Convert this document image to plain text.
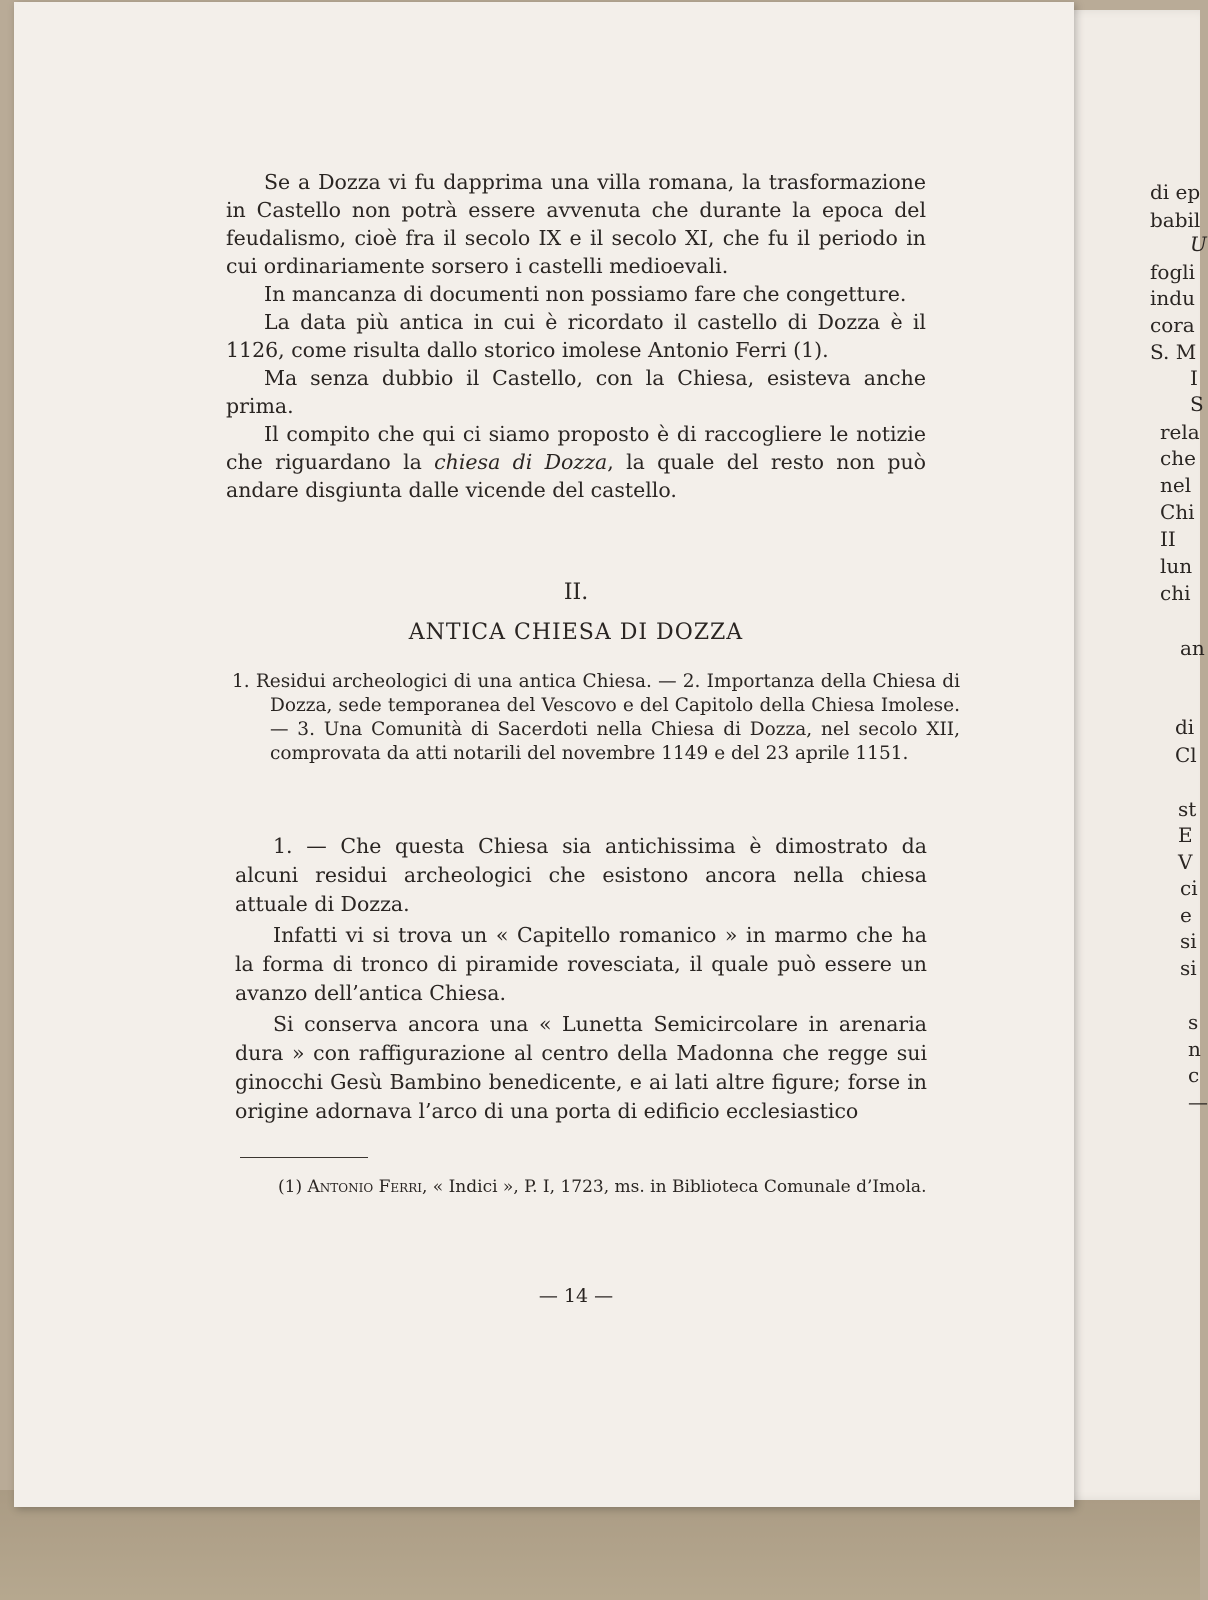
di ep
babil
U
fogli
indu
cora
S. M
I
S
rela
che
nel
Chi
II
lun
chi
an
di
Cl
st
E
V
ci
e
si
si
s
n
c
—

Se a Dozza vi fu dapprima una villa romana, la trasformazione in Castello non potrà essere avvenuta che durante la epoca del feudalismo, cioè fra il secolo IX e il secolo XI, che fu il periodo in cui ordinariamente sorsero i castelli medioevali.

In mancanza di documenti non possiamo fare che congetture.

La data più antica in cui è ricordato il castello di Dozza è il 1126, come risulta dallo storico imolese Antonio Ferri (1).

Ma senza dubbio il Castello, con la Chiesa, esisteva anche prima.

Il compito che qui ci siamo proposto è di raccogliere le notizie che riguardano la chiesa di Dozza, la quale del resto non può andare disgiunta dalle vicende del castello.

II.
ANTICA CHIESA DI DOZZA
1. Residui archeologici di una antica Chiesa. — 2. Importanza della Chiesa di Dozza, sede temporanea del Vescovo e del Capitolo della Chiesa Imolese. — 3. Una Comunità di Sacerdoti nella Chiesa di Dozza, nel secolo XII, comprovata da atti notarili del novembre 1149 e del 23 aprile 1151.

1. — Che questa Chiesa sia antichissima è dimostrato da alcuni residui archeologici che esistono ancora nella chiesa attuale di Dozza.

Infatti vi si trova un « Capitello romanico » in marmo che ha la forma di tronco di piramide rovesciata, il quale può essere un avanzo dell’antica Chiesa.

Si conserva ancora una « Lunetta Semicircolare in arenaria dura » con raffigurazione al centro della Madonna che regge sui ginocchi Gesù Bambino benedicente, e ai lati altre figure; forse in origine adornava l’arco di una porta di edificio ecclesiastico

(1) Antonio Ferri, « Indici », P. I, 1723, ms. in Biblioteca Comunale d’Imola.
— 14 —
